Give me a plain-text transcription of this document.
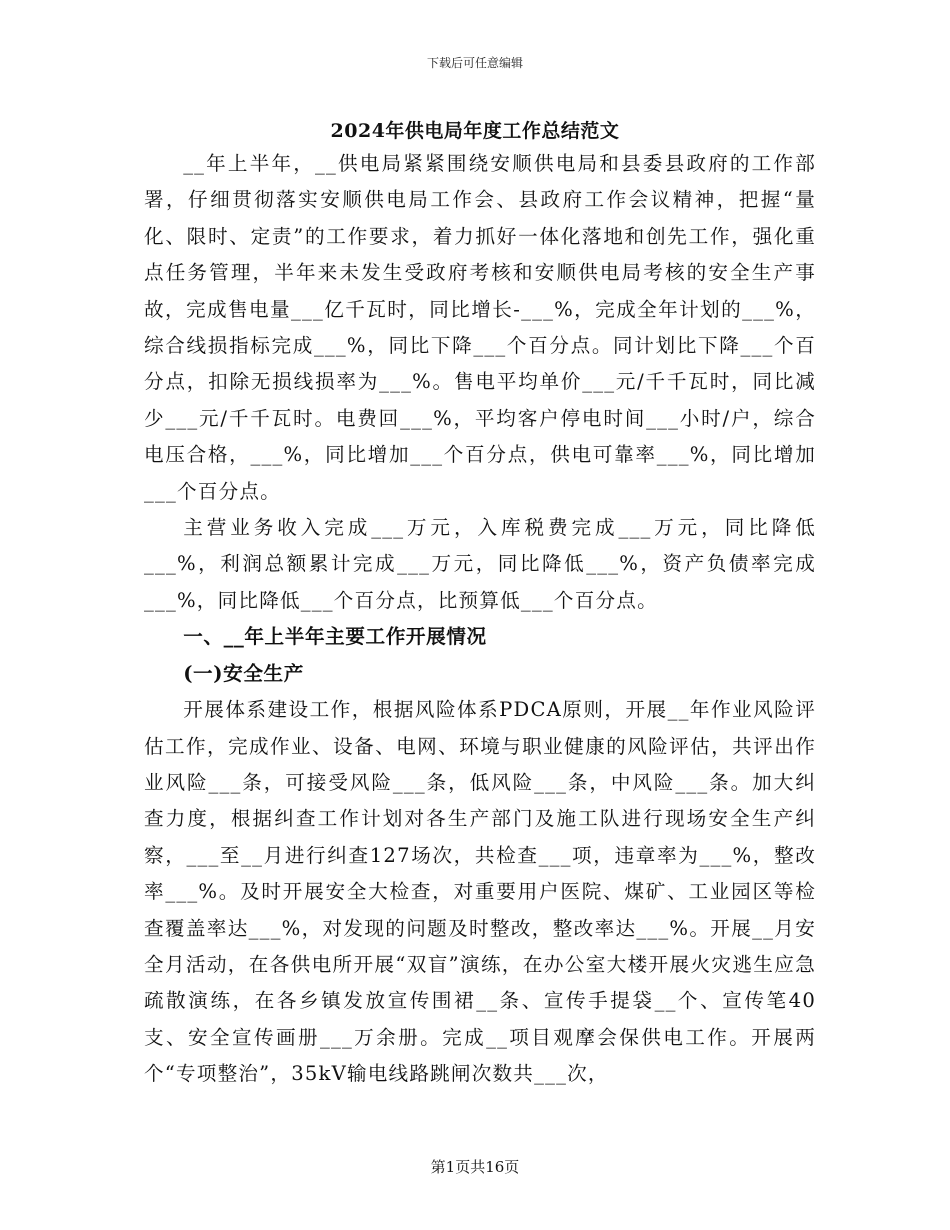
下载后可任意编辑
2024年供电局年度工作总结范文

__年上半年，__供电局紧紧围绕安顺供电局和县委县政府的工作部署，仔细贯彻落实安顺供电局工作会、县政府工作会议精神，把握“量化、限时、定责”的工作要求，着力抓好一体化落地和创先工作，强化重点任务管理，半年来未发生受政府考核和安顺供电局考核的安全生产事故，完成售电量___亿千瓦时，同比增长-___%，完成全年计划的___%，综合线损指标完成___%，同比下降___个百分点。同计划比下降___个百分点，扣除无损线损率为___%。售电平均单价___元/千千瓦时，同比减少___元/千千瓦时。电费回___%，平均客户停电时间___小时/户，综合电压合格，___%，同比增加___个百分点，供电可靠率___%，同比增加___个百分点。

主营业务收入完成___万元，入库税费完成___万元，同比降低___%，利润总额累计完成___万元，同比降低___%，资产负债率完成___%，同比降低___个百分点，比预算低___个百分点。

一、__年上半年主要工作开展情况

(一)安全生产

开展体系建设工作，根据风险体系PDCA原则，开展__年作业风险评估工作，完成作业、设备、电网、环境与职业健康的风险评估，共评出作业风险___条，可接受风险___条，低风险___条，中风险___条。加大纠查力度，根据纠查工作计划对各生产部门及施工队进行现场安全生产纠察，___至__月进行纠查127场次，共检查___项，违章率为___%，整改率___%。及时开展安全大检查，对重要用户医院、煤矿、工业园区等检查覆盖率达___%，对发现的问题及时整改，整改率达___%。开展__月安全月活动，在各供电所开展“双盲”演练，在办公室大楼开展火灾逃生应急疏散演练，在各乡镇发放宣传围裙__条、宣传手提袋__个、宣传笔40支、安全宣传画册___万余册。完成__项目观摩会保供电工作。开展两个“专项整治”，35kV输电线路跳闸次数共___次，

第1页共16页
